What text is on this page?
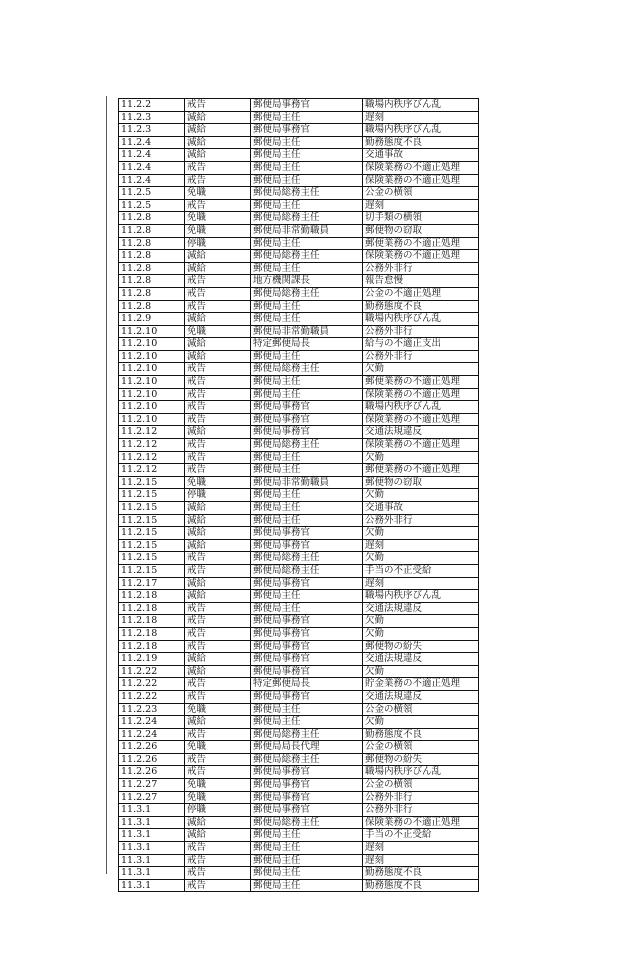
11.2.2	戒告	郵便局事務官	職場内秩序びん乱
11.2.3	減給	郵便局主任	遅刻
11.2.3	減給	郵便局事務官	職場内秩序びん乱
11.2.4	減給	郵便局主任	勤務態度不良
11.2.4	減給	郵便局主任	交通事故
11.2.4	戒告	郵便局主任	保険業務の不適正処理
11.2.4	戒告	郵便局主任	保険業務の不適正処理
11.2.5	免職	郵便局総務主任	公金の横領
11.2.5	戒告	郵便局主任	遅刻
11.2.8	免職	郵便局総務主任	切手類の横領
11.2.8	免職	郵便局非常勤職員	郵便物の窃取
11.2.8	停職	郵便局主任	郵便業務の不適正処理
11.2.8	減給	郵便局総務主任	保険業務の不適正処理
11.2.8	減給	郵便局主任	公務外非行
11.2.8	戒告	地方機関課長	報告怠慢
11.2.8	戒告	郵便局総務主任	公金の不適正処理
11.2.8	戒告	郵便局主任	勤務態度不良
11.2.9	減給	郵便局主任	職場内秩序びん乱
11.2.10	免職	郵便局非常勤職員	公務外非行
11.2.10	減給	特定郵便局長	給与の不適正支出
11.2.10	減給	郵便局主任	公務外非行
11.2.10	戒告	郵便局総務主任	欠勤
11.2.10	戒告	郵便局主任	郵便業務の不適正処理
11.2.10	戒告	郵便局主任	保険業務の不適正処理
11.2.10	戒告	郵便局事務官	職場内秩序びん乱
11.2.10	戒告	郵便局事務官	保険業務の不適正処理
11.2.12	減給	郵便局事務官	交通法規違反
11.2.12	戒告	郵便局総務主任	保険業務の不適正処理
11.2.12	戒告	郵便局主任	欠勤
11.2.12	戒告	郵便局主任	郵便業務の不適正処理
11.2.15	免職	郵便局非常勤職員	郵便物の窃取
11.2.15	停職	郵便局主任	欠勤
11.2.15	減給	郵便局主任	交通事故
11.2.15	減給	郵便局主任	公務外非行
11.2.15	減給	郵便局事務官	欠勤
11.2.15	減給	郵便局事務官	遅刻
11.2.15	戒告	郵便局総務主任	欠勤
11.2.15	戒告	郵便局総務主任	手当の不正受給
11.2.17	減給	郵便局事務官	遅刻
11.2.18	減給	郵便局主任	職場内秩序びん乱
11.2.18	戒告	郵便局主任	交通法規違反
11.2.18	戒告	郵便局事務官	欠勤
11.2.18	戒告	郵便局事務官	欠勤
11.2.18	戒告	郵便局事務官	郵便物の紛失
11.2.19	減給	郵便局事務官	交通法規違反
11.2.22	減給	郵便局事務官	欠勤
11.2.22	戒告	特定郵便局長	貯金業務の不適正処理
11.2.22	戒告	郵便局事務官	交通法規違反
11.2.23	免職	郵便局主任	公金の横領
11.2.24	減給	郵便局主任	欠勤
11.2.24	戒告	郵便局総務主任	勤務態度不良
11.2.26	免職	郵便局局長代理	公金の横領
11.2.26	戒告	郵便局総務主任	郵便物の紛失
11.2.26	戒告	郵便局事務官	職場内秩序びん乱
11.2.27	免職	郵便局事務官	公金の横領
11.2.27	免職	郵便局事務官	公務外非行
11.3.1	停職	郵便局事務官	公務外非行
11.3.1	減給	郵便局総務主任	保険業務の不適正処理
11.3.1	減給	郵便局主任	手当の不正受給
11.3.1	戒告	郵便局主任	遅刻
11.3.1	戒告	郵便局主任	遅刻
11.3.1	戒告	郵便局主任	勤務態度不良
11.3.1	戒告	郵便局主任	勤務態度不良
